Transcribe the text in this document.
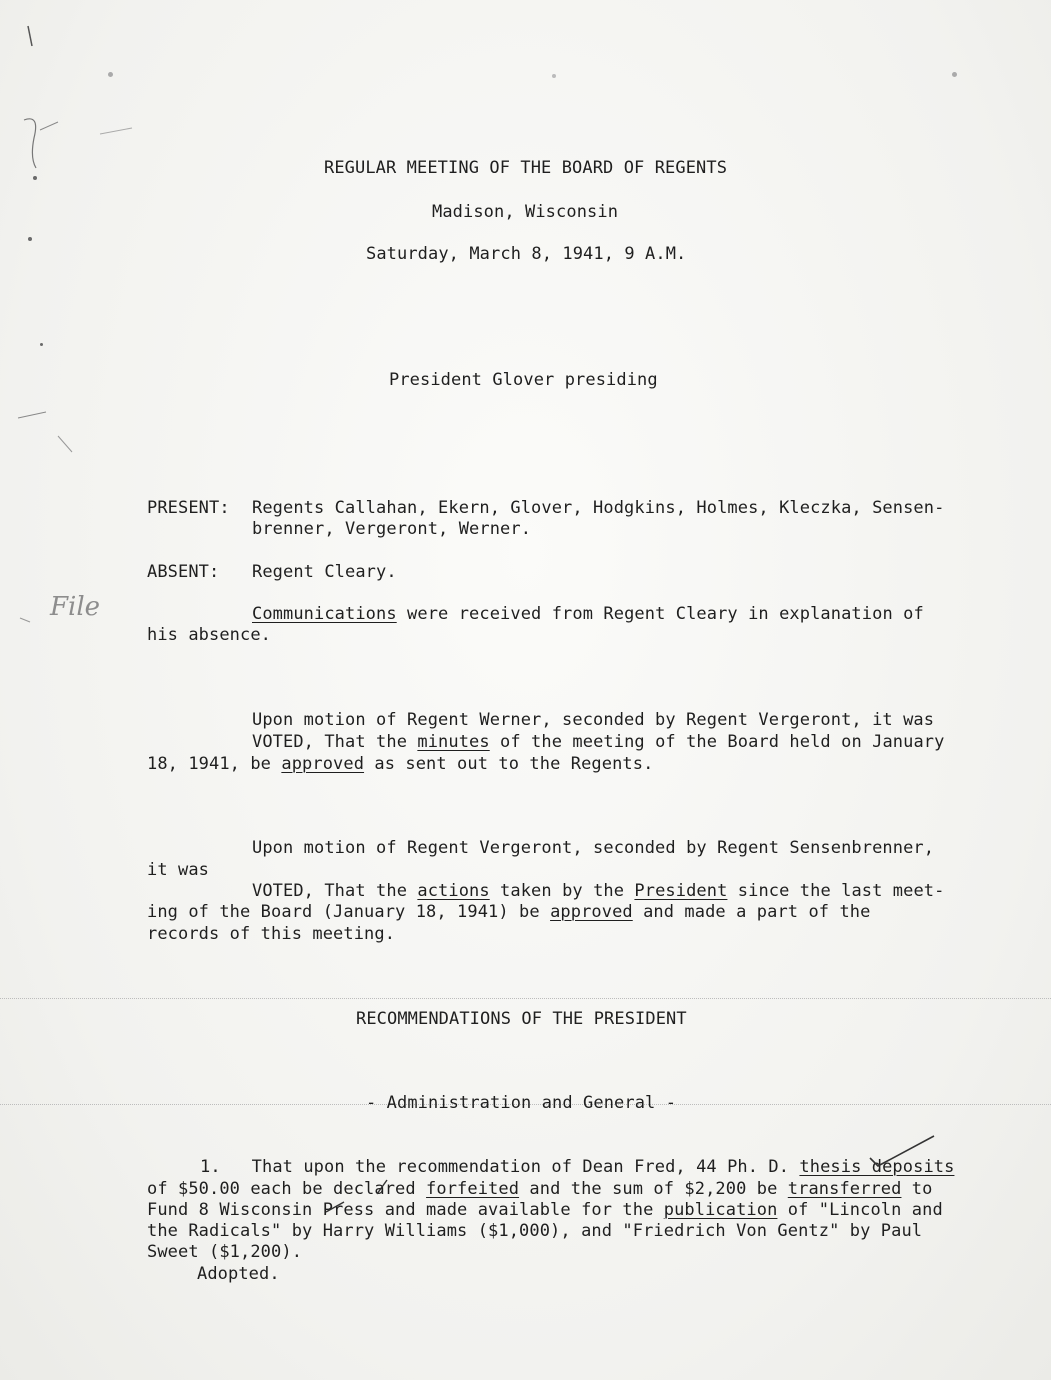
REGULAR MEETING OF THE BOARD OF REGENTS
Madison, Wisconsin
Saturday, March 8, 1941, 9 A.M.
President Glover presiding
PRESENT: Regents Callahan, Ekern, Glover, Hodgkins, Holmes, Kleczka, Sensen-
brenner, Vergeront, Werner.
ABSENT: Regent Cleary.
File	Communications were received from Regent Cleary in explanation of
his absence.
Upon motion of Regent Werner, seconded by Regent Vergeront, it was
VOTED, That the minutes of the meeting of the Board held on January
18, 1941, be approved as sent out to the Regents.
Upon motion of Regent Vergeront, seconded by Regent Sensenbrenner,
it was
VOTED, That the actions taken by the President since the last meet-
ing of the Board (January 18, 1941) be approved and made a part of the
records of this meeting.
RECOMMENDATIONS OF THE PRESIDENT
- Administration and General -
1.   That upon the recommendation of Dean Fred, 44 Ph. D. thesis deposits
of $50.00 each be declared forfeited and the sum of $2,200 be transferred to
Fund 8 Wisconsin Press and made available for the publication of "Lincoln and
the Radicals" by Harry Williams ($1,000), and "Friedrich Von Gentz" by Paul
Sweet ($1,200).
Adopted.
